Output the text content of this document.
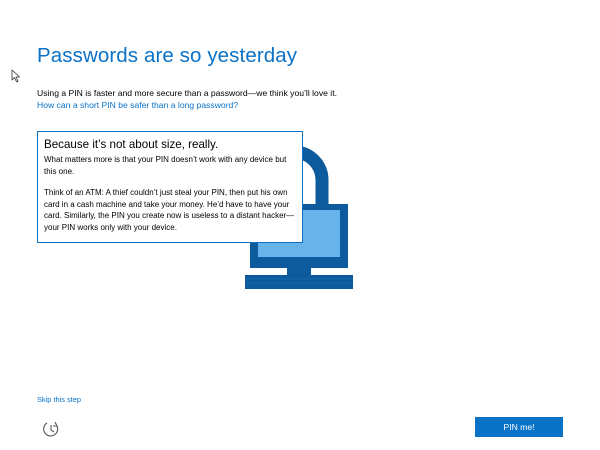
Passwords are so yesterday
Using a PIN is faster and more secure than a password—we think you’ll love it.
How can a short PIN be safer than a long password?
Because it’s not about size, really.

What matters more is that your PIN doesn’t work with any device but this one.

Think of an ATM: A thief couldn’t just steal your PIN, then put his own card in a cash machine and take your money. He’d have to have your card. Similarly, the PIN you create now is useless to a distant hacker—your PIN works only with your device.

Skip this step
PIN me!
